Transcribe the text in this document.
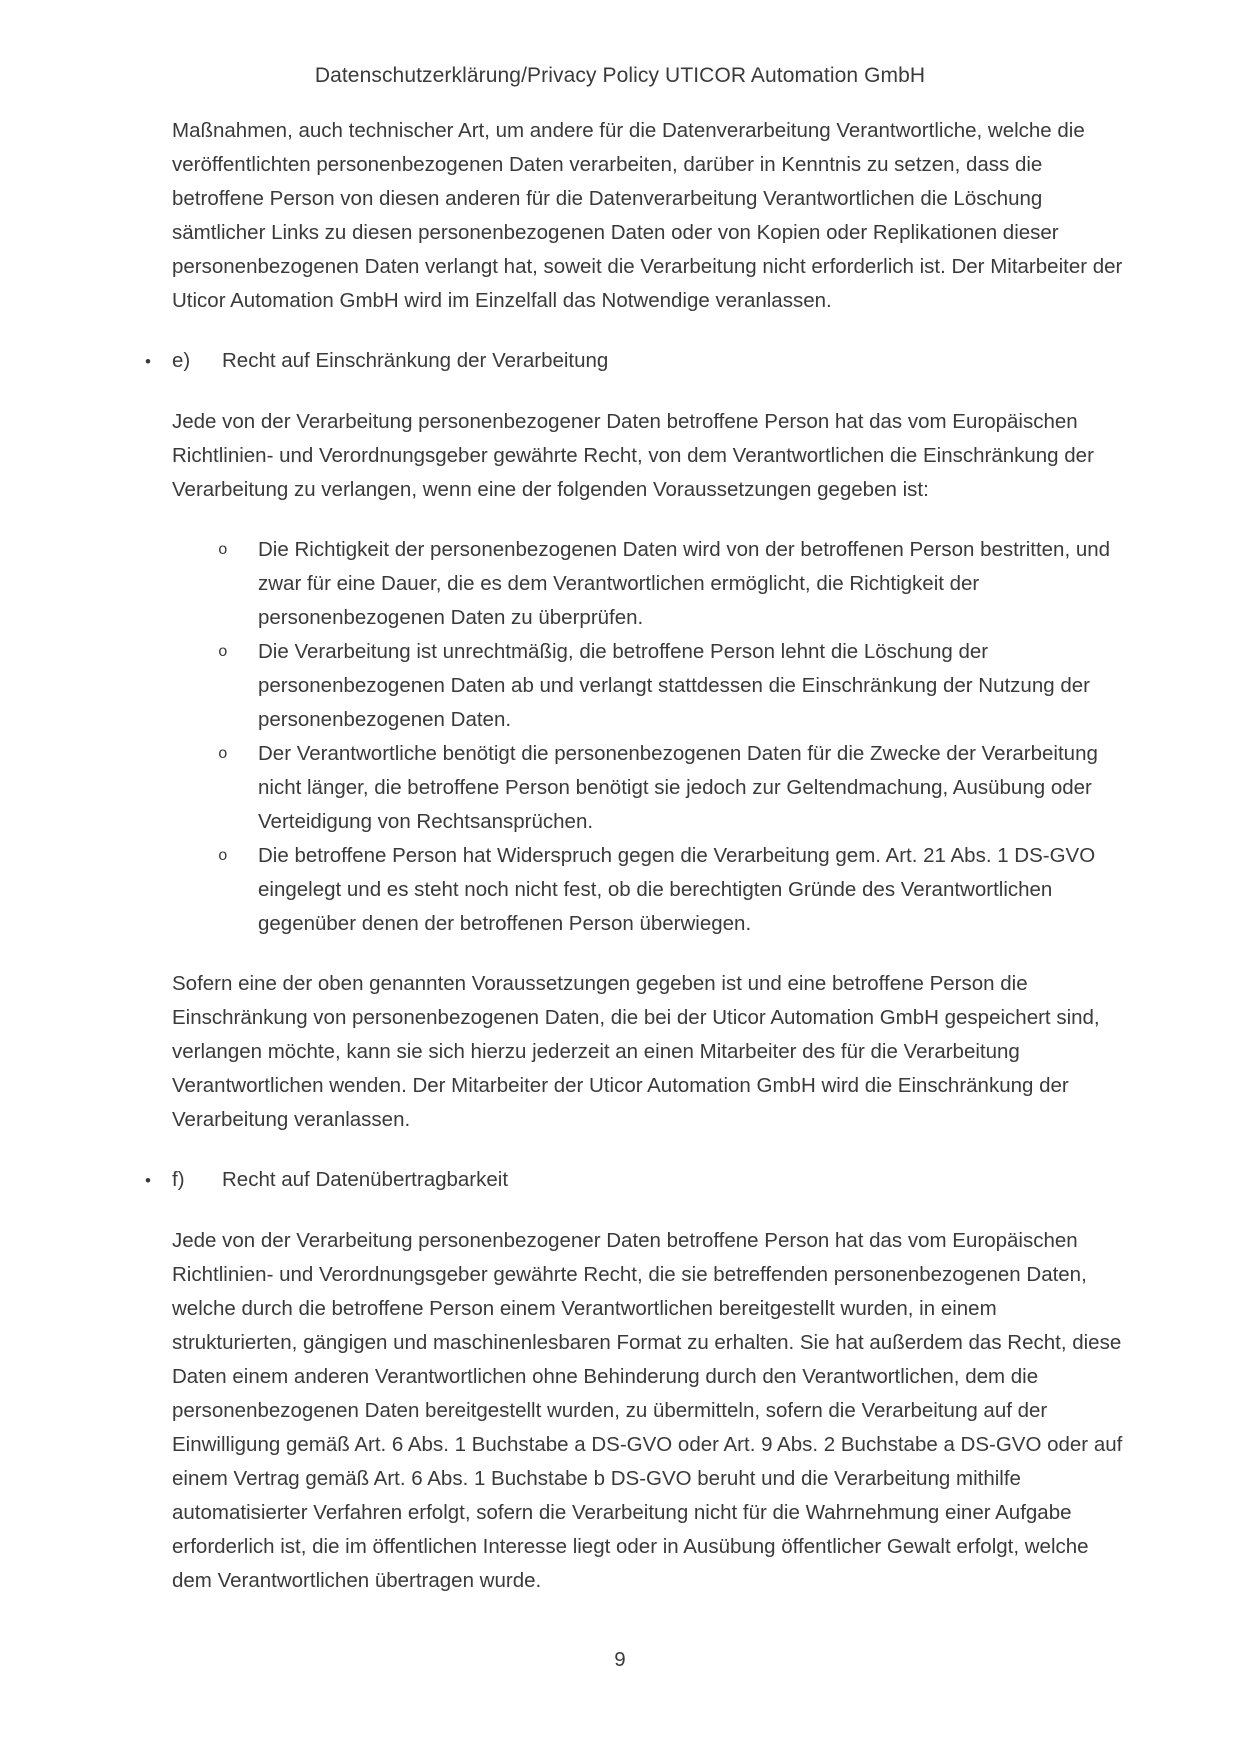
Datenschutzerklärung/Privacy Policy UTICOR Automation GmbH

Maßnahmen, auch technischer Art, um andere für die Datenverarbeitung Verantwortliche, welche die veröffentlichten personenbezogenen Daten verarbeiten, darüber in Kenntnis zu setzen, dass die betroffene Person von diesen anderen für die Datenverarbeitung Verantwortlichen die Löschung sämtlicher Links zu diesen personenbezogenen Daten oder von Kopien oder Replikationen dieser personenbezogenen Daten verlangt hat, soweit die Verarbeitung nicht erforderlich ist. Der Mitarbeiter der Uticor Automation GmbH wird im Einzelfall das Notwendige veranlassen.

•	e)	Recht auf Einschränkung der Verarbeitung

Jede von der Verarbeitung personenbezogener Daten betroffene Person hat das vom Europäischen Richtlinien- und Verordnungsgeber gewährte Recht, von dem Verantwortlichen die Einschränkung der Verarbeitung zu verlangen, wenn eine der folgenden Voraussetzungen gegeben ist:

o	Die Richtigkeit der personenbezogenen Daten wird von der betroffenen Person bestritten, und zwar für eine Dauer, die es dem Verantwortlichen ermöglicht, die Richtigkeit der personenbezogenen Daten zu überprüfen.
o	Die Verarbeitung ist unrechtmäßig, die betroffene Person lehnt die Löschung der personenbezogenen Daten ab und verlangt stattdessen die Einschränkung der Nutzung der personenbezogenen Daten.
o	Der Verantwortliche benötigt die personenbezogenen Daten für die Zwecke der Verarbeitung nicht länger, die betroffene Person benötigt sie jedoch zur Geltendmachung, Ausübung oder Verteidigung von Rechtsansprüchen.
o	Die betroffene Person hat Widerspruch gegen die Verarbeitung gem. Art. 21 Abs. 1 DS-GVO eingelegt und es steht noch nicht fest, ob die berechtigten Gründe des Verantwortlichen gegenüber denen der betroffenen Person überwiegen.

Sofern eine der oben genannten Voraussetzungen gegeben ist und eine betroffene Person die Einschränkung von personenbezogenen Daten, die bei der Uticor Automation GmbH gespeichert sind, verlangen möchte, kann sie sich hierzu jederzeit an einen Mitarbeiter des für die Verarbeitung Verantwortlichen wenden. Der Mitarbeiter der Uticor Automation GmbH wird die Einschränkung der Verarbeitung veranlassen.

•	f)	Recht auf Datenübertragbarkeit

Jede von der Verarbeitung personenbezogener Daten betroffene Person hat das vom Europäischen Richtlinien- und Verordnungsgeber gewährte Recht, die sie betreffenden personenbezogenen Daten, welche durch die betroffene Person einem Verantwortlichen bereitgestellt wurden, in einem strukturierten, gängigen und maschinenlesbaren Format zu erhalten. Sie hat außerdem das Recht, diese Daten einem anderen Verantwortlichen ohne Behinderung durch den Verantwortlichen, dem die personenbezogenen Daten bereitgestellt wurden, zu übermitteln, sofern die Verarbeitung auf der Einwilligung gemäß Art. 6 Abs. 1 Buchstabe a DS-GVO oder Art. 9 Abs. 2 Buchstabe a DS-GVO oder auf einem Vertrag gemäß Art. 6 Abs. 1 Buchstabe b DS-GVO beruht und die Verarbeitung mithilfe automatisierter Verfahren erfolgt, sofern die Verarbeitung nicht für die Wahrnehmung einer Aufgabe erforderlich ist, die im öffentlichen Interesse liegt oder in Ausübung öffentlicher Gewalt erfolgt, welche dem Verantwortlichen übertragen wurde.

9
